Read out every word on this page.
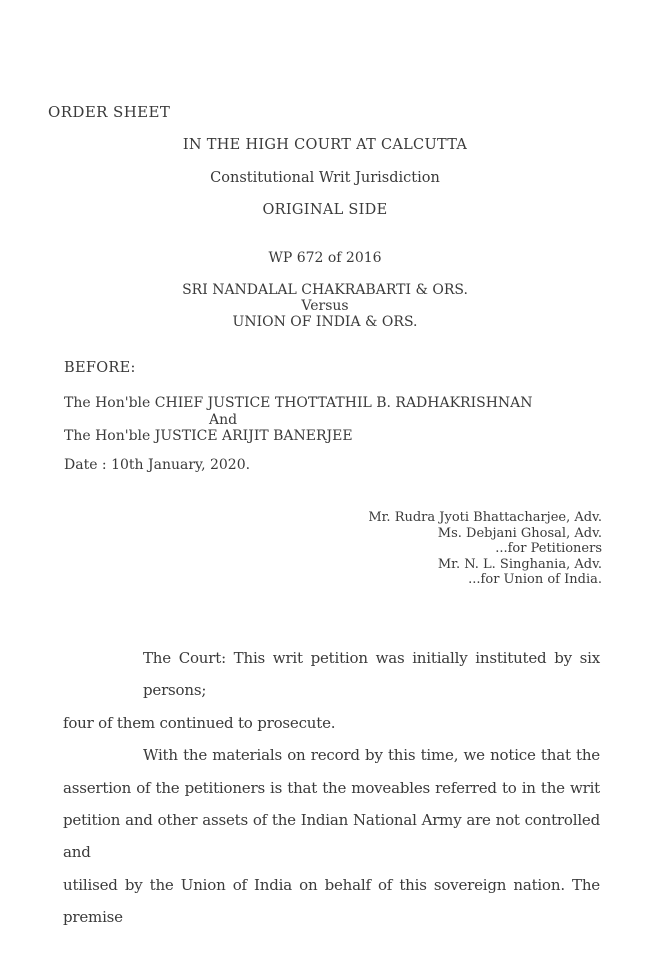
ORDER SHEET
IN THE HIGH COURT AT CALCUTTA
Constitutional Writ Jurisdiction
ORIGINAL SIDE
WP 672 of 2016
SRI NANDALAL CHAKRABARTI & ORS.
Versus
UNION OF INDIA & ORS.
BEFORE:
The Hon'ble CHIEF JUSTICE THOTTATHIL B. RADHAKRISHNAN
And
The Hon'ble JUSTICE ARIJIT BANERJEE
Date : 10th January, 2020.
Mr. Rudra Jyoti Bhattacharjee, Adv.
Ms. Debjani Ghosal, Adv.
...for Petitioners
Mr. N. L. Singhania, Adv.
...for Union of India.
The Court: This writ petition was initially instituted by six persons;
four of them continued to prosecute.
With the materials on record by this time, we notice that the
assertion of the petitioners is that the moveables referred to in the writ
petition and other assets of the Indian National Army are not controlled and
utilised by the Union of India on behalf of this sovereign nation. The premise
